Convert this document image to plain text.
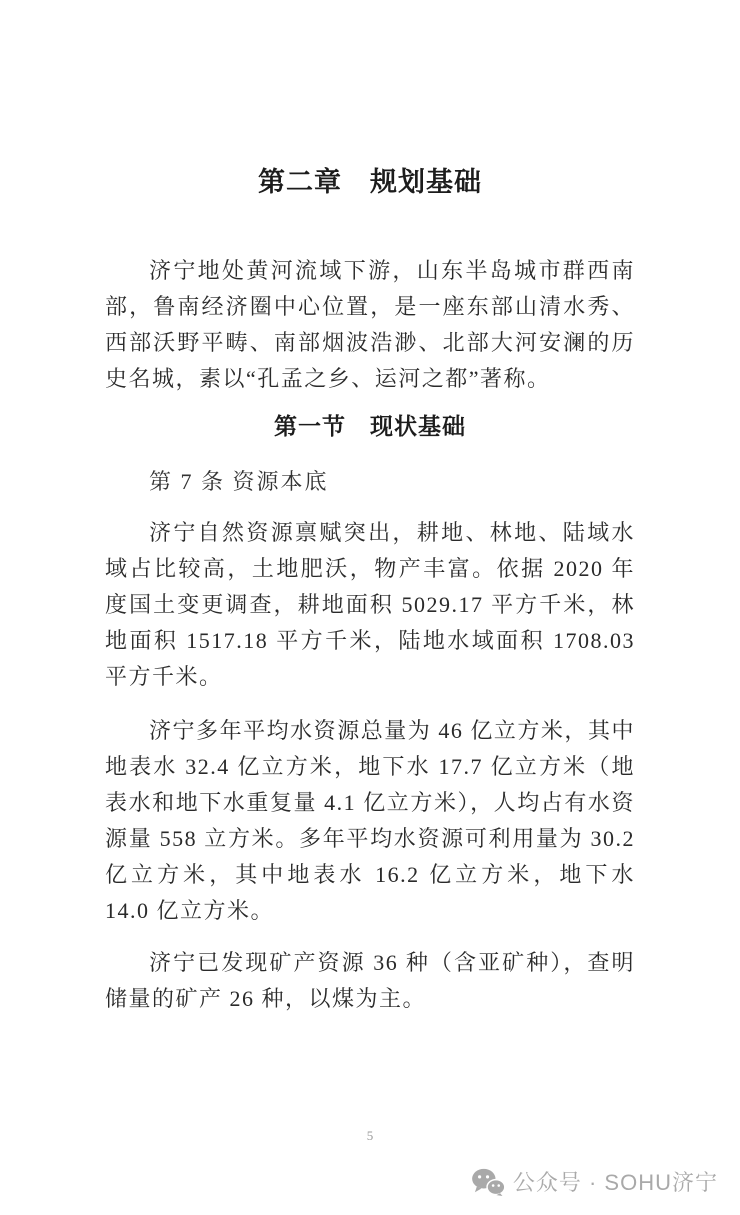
第二章　规划基础

济宁地处黄河流域下游，山东半岛城市群西南部，鲁南经济圈中心位置，是一座东部山清水秀、西部沃野平畴、南部烟波浩渺、北部大河安澜的历史名城，素以“孔孟之乡、运河之都”著称。

第一节　现状基础
第 7 条 资源本底

济宁自然资源禀赋突出，耕地、林地、陆域水域占比较高，土地肥沃，物产丰富。依据 2020 年度国土变更调查，耕地面积 5029.17 平方千米，林地面积 1517.18 平方千米，陆地水域面积 1708.03 平方千米。

济宁多年平均水资源总量为 46 亿立方米，其中地表水 32.4 亿立方米，地下水 17.7 亿立方米（地表水和地下水重复量 4.1 亿立方米），人均占有水资源量 558 立方米。多年平均水资源可利用量为 30.2 亿立方米，其中地表水 16.2 亿立方米，地下水 14.0 亿立方米。

济宁已发现矿产资源 36 种（含亚矿种），查明储量的矿产 26 种，以煤为主。

5
公众号 · SOHU济宁
